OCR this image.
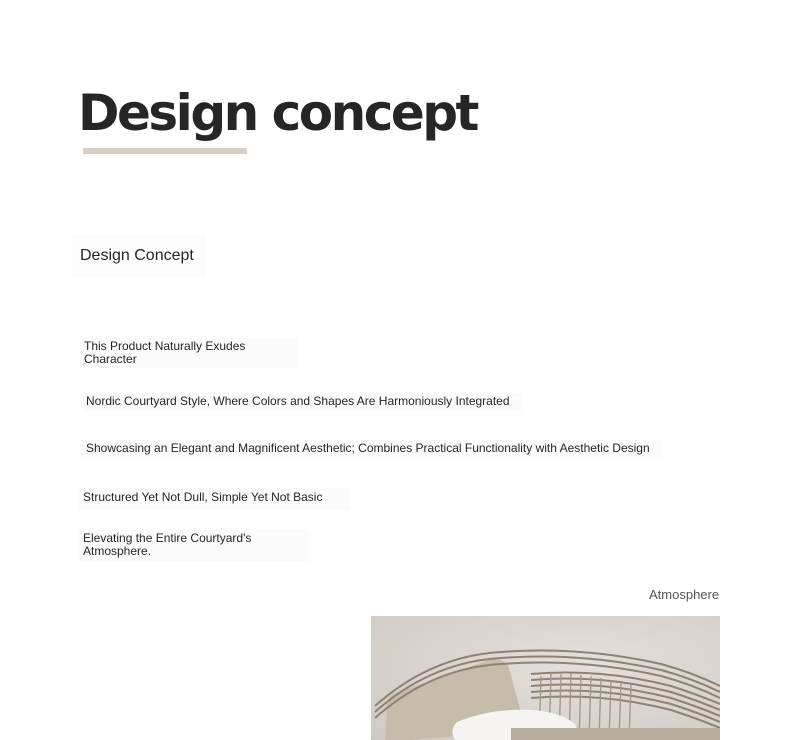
Design concept
Design Concept

This Product Naturally Exudes Character

Nordic Courtyard Style, Where Colors and Shapes Are Harmoniously Integrated

Showcasing an Elegant and Magnificent Aesthetic; Combines Practical Functionality with Aesthetic Design

Structured Yet Not Dull, Simple Yet Not Basic

Elevating the Entire Courtyard's Atmosphere.

Atmosphere
